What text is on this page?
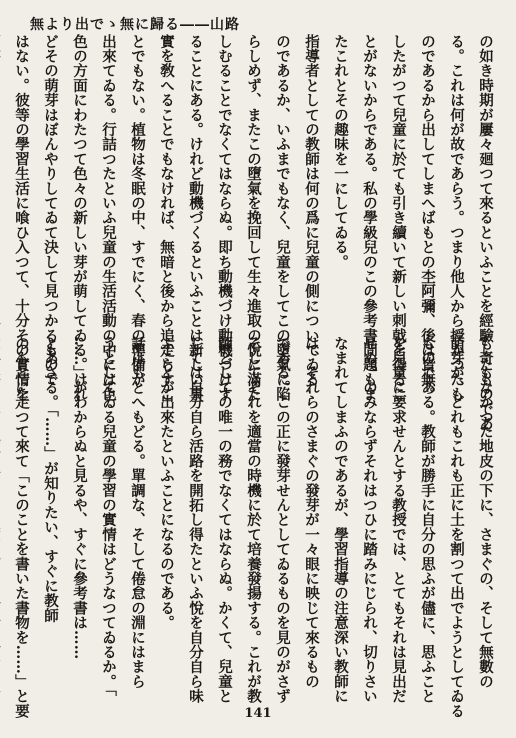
無より出でゝ無に歸る――山路
の如き時期が屢々廻つて來るといふことを經驗したものであ
る。これは何が故であらう。つまり他人から授かつたも
のであるから出してしまへばもとの杢阿彌、後は皆無。
したがつて兒童に於ても引き續いて新しい刺戟を得るこ
とがないからである。私の學級兒のこの參考書問題もま
たこれとその趣味を一にしてゐる。
指導者としての教師は何の爲に兒童の側についてゐる
のであるか、いふまでもなく、兒童をしてこの墮氣に陷
らしめず、またこの墮氣を挽回して生々進取の悅に滿た
しむることでなくてはならぬ。即ち動機づけ動機づけす
ることにある。けれど動機づくるといふことは新しい事
實を敎へることでもなければ、無暗と後から追走らすこ
とでもない。植物は冬眠の中、すでにく、春の準備が
出來てゐる。行詰つたといふ兒童の生活活動の中には色
色の方面にわたつて色々の新しい芽が萌してゐる。けれ
どその萌芽はぼんやりしてゐて決して見つかるもので
はない。彼等の學習生活に喰ひ入つて、十分その實情を
も奇もなかつた地皮の下に、さまぐの、そして無數の
萌芽が、どれもこれも正に土を割つて出でようとしてゐる
ものである。教師が勝手に自分の思ふが儘に、思ふこと
を兒童に要求せんとする教授では、とてもそれは見出だ
せぬ。のみならずそれはつひに踏みにじられ、切りさい
なまれてしまふのであるが、學習指導の注意深い教師に
は、それらのさまぐの發芽が一々眼に映じて來るもの
である。この正に發芽せんとしてゐるものを見のがさず
そしてそれを適當の時機に於て培養發揚する。これが教
師としての唯一の務でなくてはならぬ。かくて、兒童と
しては自分自ら活路を開拓し得たといふ悅を自分自ら味
ふことが出來たといふことになるのである。
話はもとへもどる。單調な、そして倦怠の淵にはまら
うとしてゐる兒童の學習の實情はどうなつてゐるか。「
……」がわからぬと見るや、すぐに參考書は……
とあさる。「……」が知りたい、すぐに教師
のもとに走つて來て「このことを書いた書物を……」と要	141
